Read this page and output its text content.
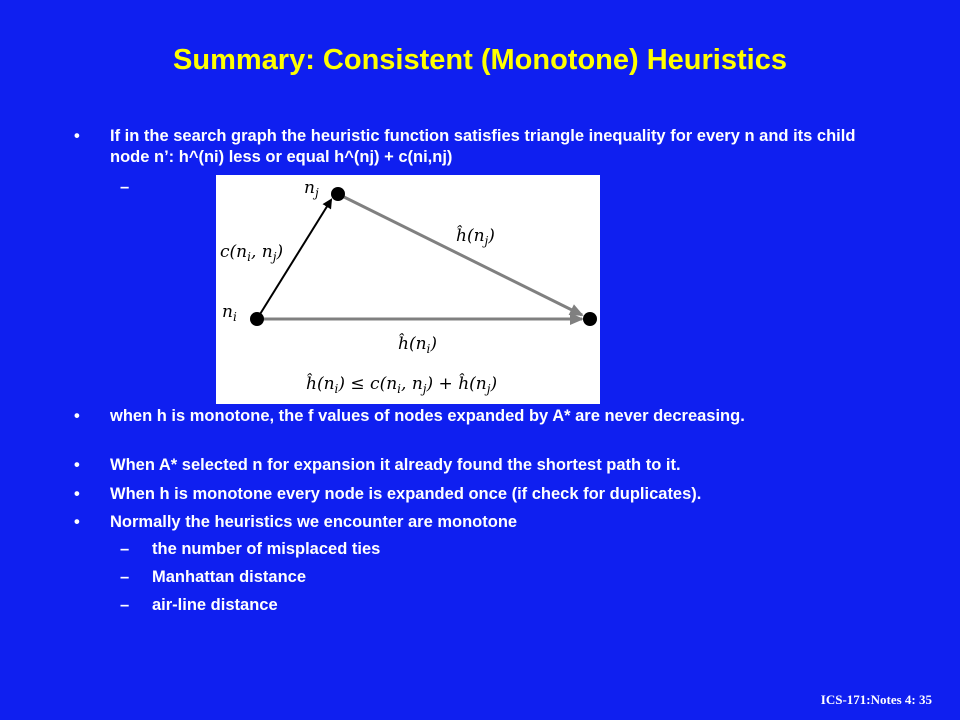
Summary: Consistent (Monotone) Heuristics
• If in the search graph the heuristic function satisfies triangle inequality for every n and its child node n’: h^(ni) less or equal h^(nj) + c(ni,nj)
–	$n_j$
$n_i$
$c(n_i$, $n_j$)
$ĥ(n_j)$
$ĥ(n_i)$
$ĥ(n_i) \le c(n_i$, $n_j$) + $ĥ(n_j)$
• when h is monotone, the f values of nodes expanded by A* are never decreasing.
• When A* selected n for expansion it already found the shortest path to it.
• When h is monotone every node is expanded once (if check for duplicates).
• Normally the heuristics we encounter are monotone
– the number of misplaced ties
– Manhattan distance
– air-line distance
ICS-171:Notes 4: 35
